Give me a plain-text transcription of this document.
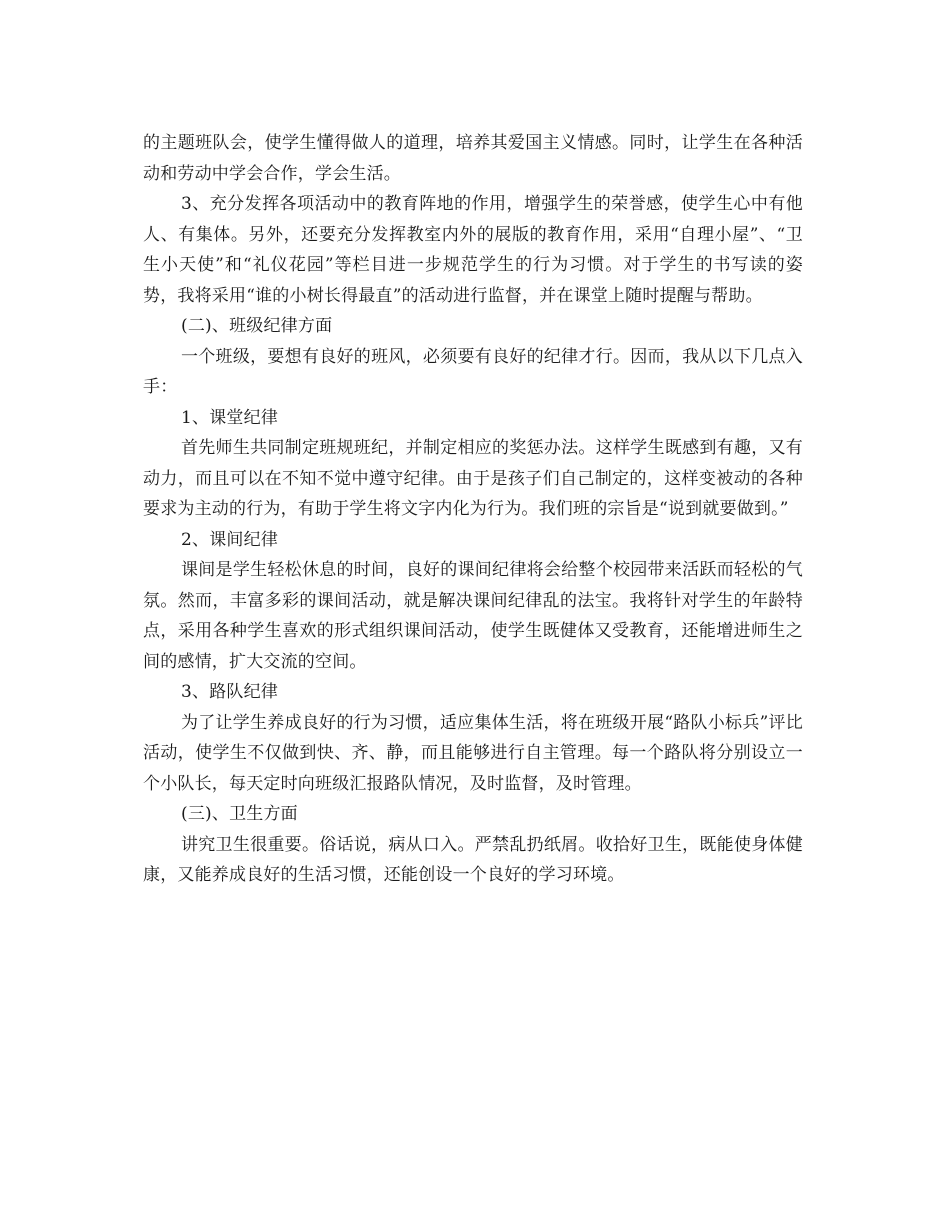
的主题班队会，使学生懂得做人的道理，培养其爱国主义情感。同时，让学生在各种活动和劳动中学会合作，学会生活。

3、充分发挥各项活动中的教育阵地的作用，增强学生的荣誉感，使学生心中有他人、有集体。另外，还要充分发挥教室内外的展版的教育作用，采用“自理小屋”、“卫生小天使”和“礼仪花园”等栏目进一步规范学生的行为习惯。对于学生的书写读的姿势，我将采用“谁的小树长得最直”的活动进行监督，并在课堂上随时提醒与帮助。

(二)、班级纪律方面

一个班级，要想有良好的班风，必须要有良好的纪律才行。因而，我从以下几点入手：

1、课堂纪律

首先师生共同制定班规班纪，并制定相应的奖惩办法。这样学生既感到有趣，又有动力，而且可以在不知不觉中遵守纪律。由于是孩子们自己制定的，这样变被动的各种要求为主动的行为，有助于学生将文字内化为行为。我们班的宗旨是“说到就要做到。”

2、课间纪律

课间是学生轻松休息的时间，良好的课间纪律将会给整个校园带来活跃而轻松的气氛。然而，丰富多彩的课间活动，就是解决课间纪律乱的法宝。我将针对学生的年龄特点，采用各种学生喜欢的形式组织课间活动，使学生既健体又受教育，还能增进师生之间的感情，扩大交流的空间。

3、路队纪律

为了让学生养成良好的行为习惯，适应集体生活，将在班级开展“路队小标兵”评比活动，使学生不仅做到快、齐、静，而且能够进行自主管理。每一个路队将分别设立一个小队长，每天定时向班级汇报路队情况，及时监督，及时管理。

(三)、卫生方面

讲究卫生很重要。俗话说，病从口入。严禁乱扔纸屑。收拾好卫生，既能使身体健康，又能养成良好的生活习惯，还能创设一个良好的学习环境。
